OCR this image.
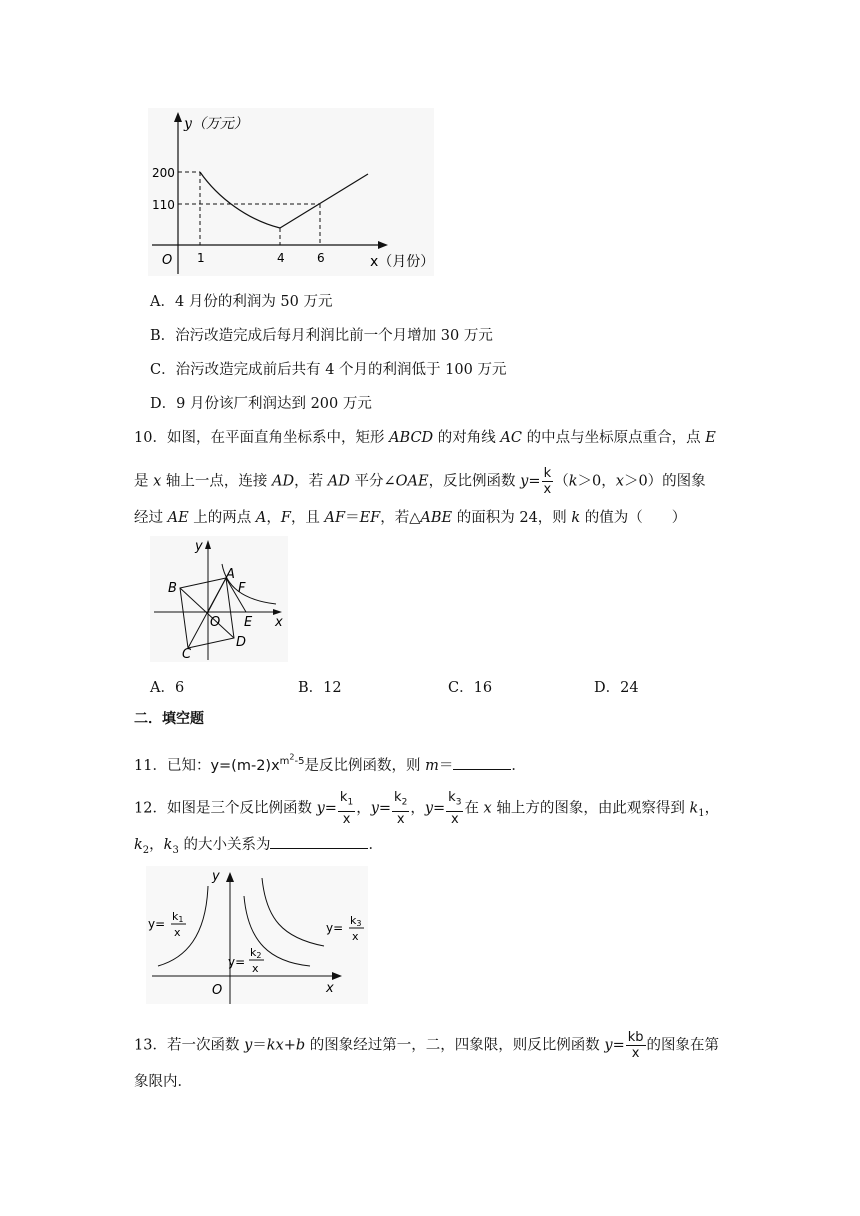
y（万元）
200
110
O 1	4	6	x（月份）
A．4 月份的利润为 50 万元
B．治污改造完成后每月利润比前一个月增加 30 万元
C．治污改造完成前后共有 4 个月的利润低于 100 万元
D．9 月份该厂利润达到 200 万元
10．如图，在平面直角坐标系中，矩形 ABCD 的对角线 AC 的中点与坐标原点重合，点 E
是 x 轴上一点，连接 AD，若 AD 平分∠OAE，反比例函数 $y= \frac{k}{x} (k>0$，x＞0）的图象
经过 AE 上的两点 A，F，且 AF＝EF，若△ABE 的面积为 24，则 k 的值为（　　）
y
x
A
B
C
D
E
F
O
A．6	B．12	C．16	D．24
二．填空题
11．已知：$y=(m-2)x^{m^2-5}$是反比例函数，则 m＝	．
12．如图是三个反比例函数 $y= \frac{k_1}{x}$ ，$y= \frac{k_2}{x}$ ，$y= \frac{k_3}{x}$ 在 x 轴上方的图象，由此观察得到 $k_1$，
$k_2$，$k_3$ 的大小关系为	．
y
x
O
y=
k1
x
y=
k2
x
y=
k3
x
13．若一次函数 y＝kx+b 的图象经过第一，二，四象限，则反比例函数 $y= \frac{kb}{x}$ 的图象在第
象限内．
